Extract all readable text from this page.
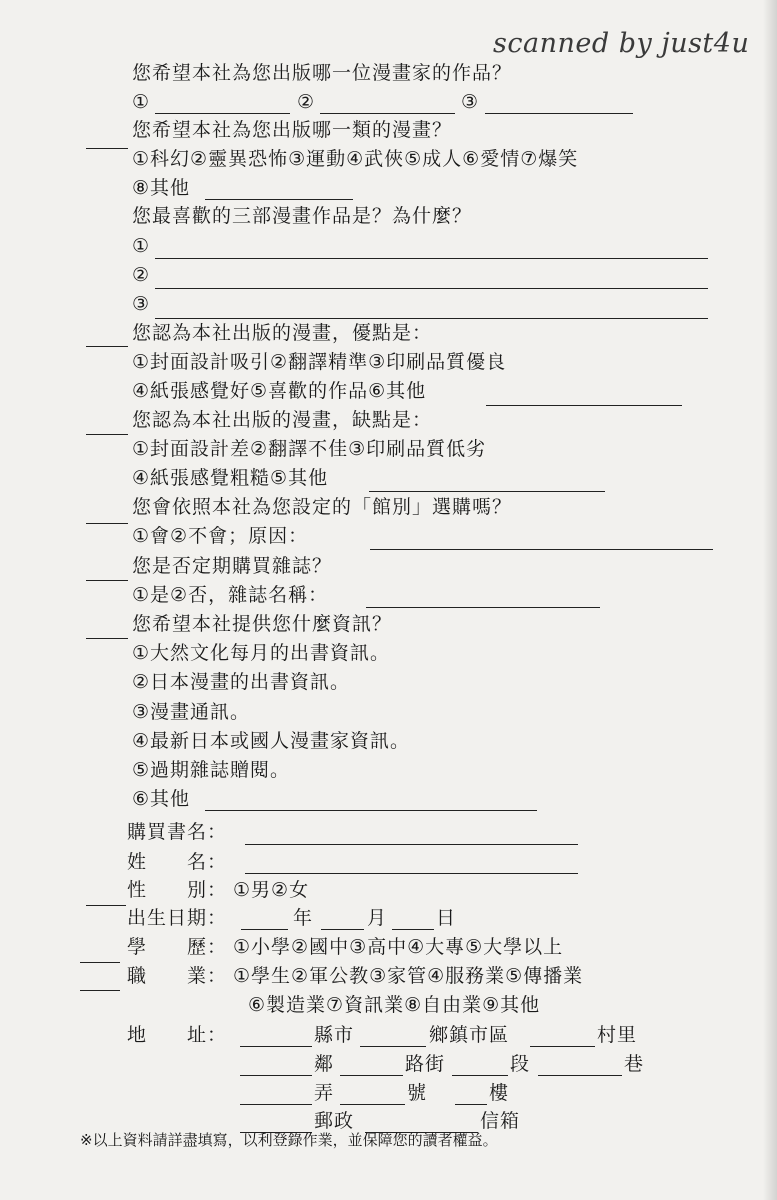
scanned by just4u
您希望本社為您出版哪一位漫畫家的作品？
①	②	③
您希望本社為您出版哪一類的漫畫？
①科幻②靈異恐怖③運動④武俠⑤成人⑥愛情⑦爆笑
⑧其他
您最喜歡的三部漫畫作品是？為什麼？
①
②
③
您認為本社出版的漫畫，優點是：
①封面設計吸引②翻譯精準③印刷品質優良
④紙張感覺好⑤喜歡的作品⑥其他
您認為本社出版的漫畫，缺點是：
①封面設計差②翻譯不佳③印刷品質低劣
④紙張感覺粗糙⑤其他
您會依照本社為您設定的「館別」選購嗎？
①會②不會；原因：
您是否定期購買雜誌？
①是②否，雜誌名稱：
您希望本社提供您什麼資訊？
①大然文化每月的出書資訊。
②日本漫畫的出書資訊。
③漫畫通訊。
④最新日本或國人漫畫家資訊。
⑤過期雜誌贈閱。
⑥其他
購買書名：
姓　　名：
性　　別： ①男②女
出生日期：	年	月	日
學　　歷： ①小學②國中③高中④大專⑤大學以上
職　　業： ①學生②軍公教③家管④服務業⑤傳播業
⑥製造業⑦資訊業⑧自由業⑨其他
地　　址：	縣市	鄉鎮市區	村里
鄰	路街	段	巷
弄	號	樓
郵政	信箱
※以上資料請詳盡填寫，以利登錄作業，並保障您的讀者權益。
